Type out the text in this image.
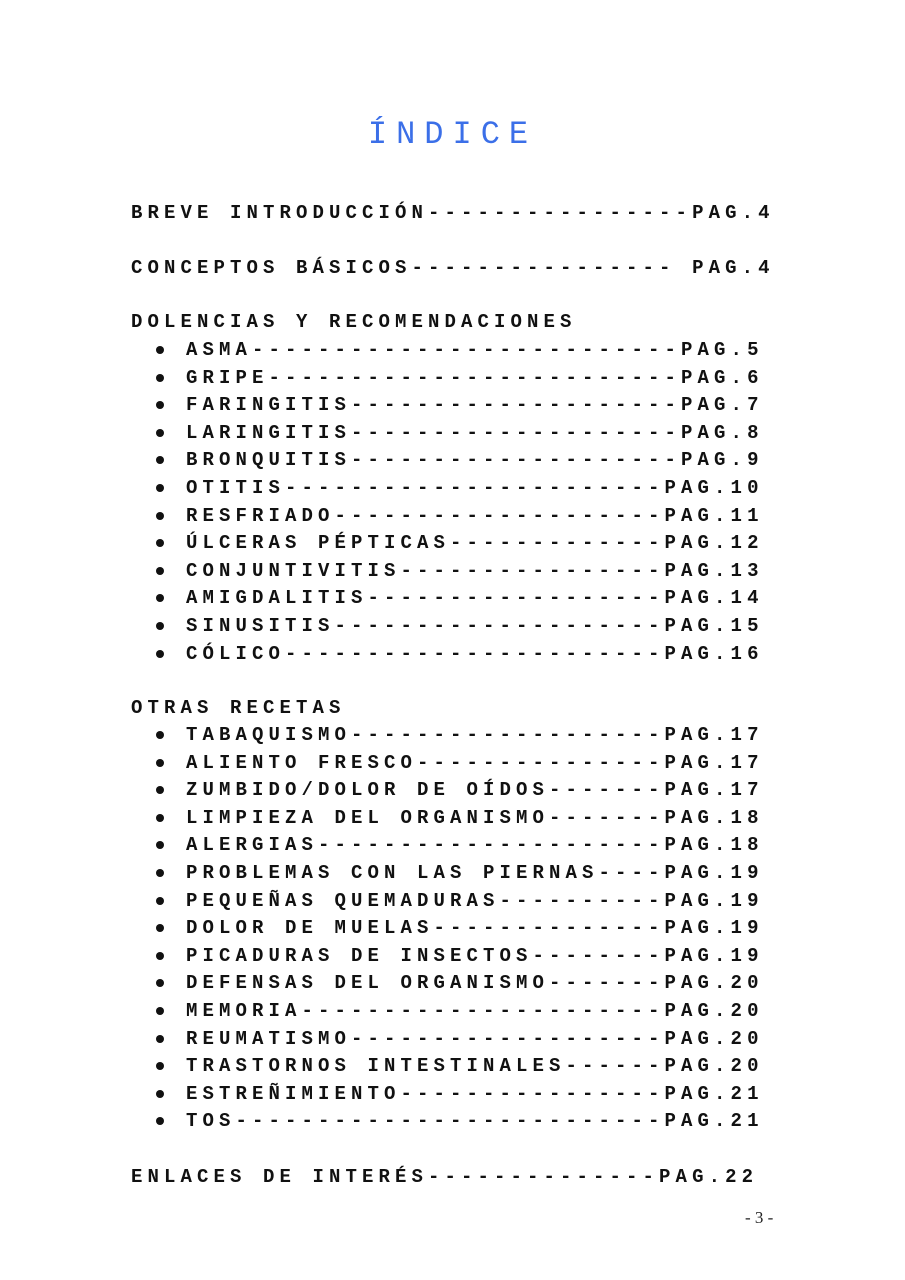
ÍNDICE
BREVE INTRODUCCIÓN----------------PAG.4
CONCEPTOS BÁSICOS---------------- PAG.4
DOLENCIAS Y RECOMENDACIONES
ASMA--------------------------PAG.5
GRIPE-------------------------PAG.6
FARINGITIS--------------------PAG.7
LARINGITIS--------------------PAG.8
BRONQUITIS--------------------PAG.9
OTITIS-----------------------PAG.10
RESFRIADO--------------------PAG.11
ÚLCERAS PÉPTICAS-------------PAG.12
CONJUNTIVITIS----------------PAG.13
AMIGDALITIS------------------PAG.14
SINUSITIS--------------------PAG.15
CÓLICO-----------------------PAG.16
OTRAS RECETAS
TABAQUISMO-------------------PAG.17
ALIENTO FRESCO---------------PAG.17
ZUMBIDO/DOLOR DE OÍDOS-------PAG.17
LIMPIEZA DEL ORGANISMO-------PAG.18
ALERGIAS---------------------PAG.18
PROBLEMAS CON LAS PIERNAS----PAG.19
PEQUEÑAS QUEMADURAS----------PAG.19
DOLOR DE MUELAS--------------PAG.19
PICADURAS DE INSECTOS--------PAG.19
DEFENSAS DEL ORGANISMO-------PAG.20
MEMORIA----------------------PAG.20
REUMATISMO-------------------PAG.20
TRASTORNOS INTESTINALES------PAG.20
ESTREÑIMIENTO----------------PAG.21
TOS--------------------------PAG.21
ENLACES DE INTERÉS--------------PAG.22
- 3 -
